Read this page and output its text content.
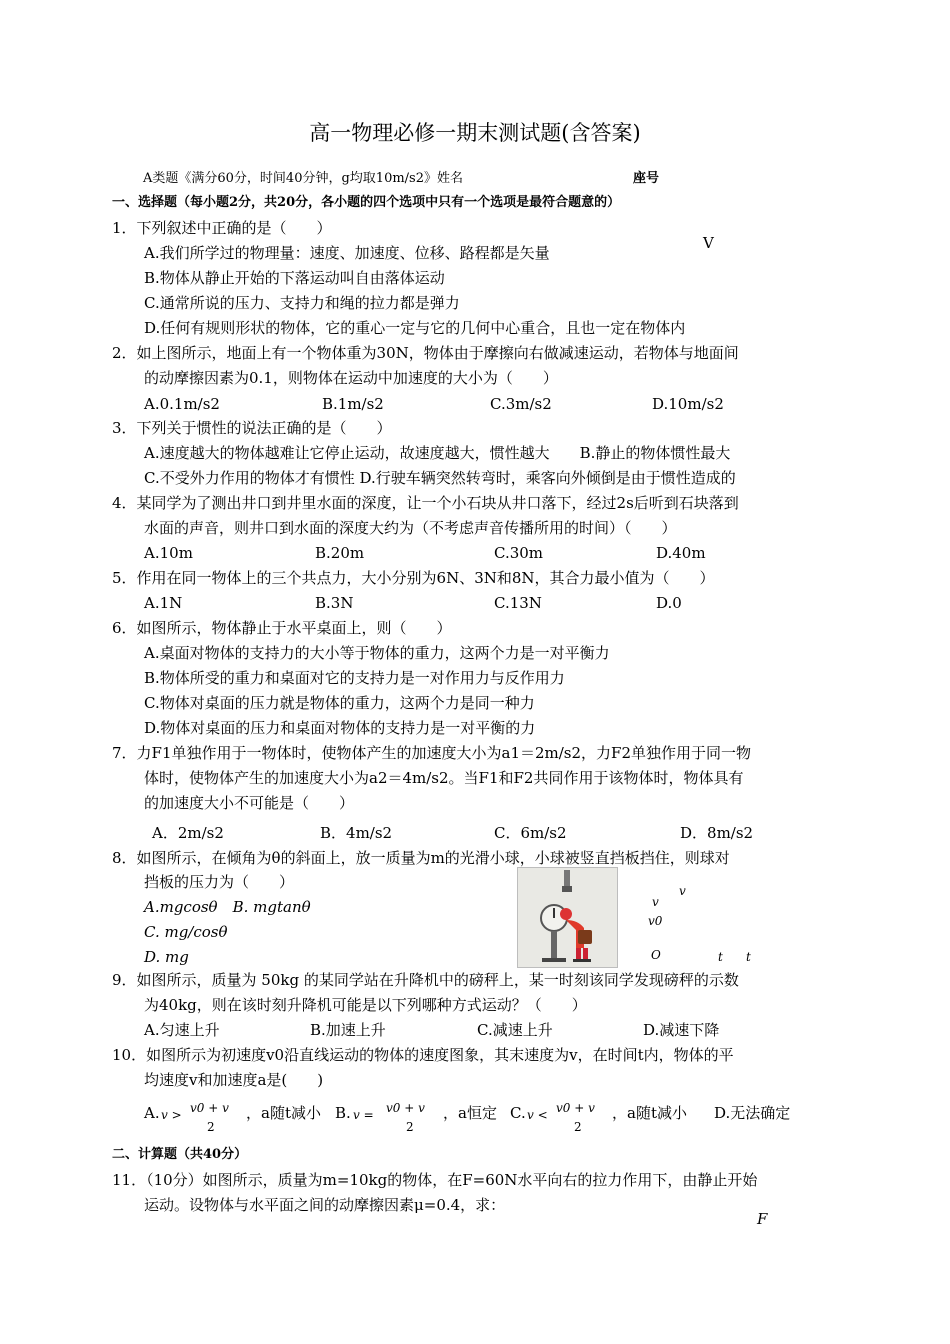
高一物理必修一期末测试题(含答案)
A类题《满分60分，时间40分钟，g均取10m/s2》姓名	座号
一、选择题（每小题2分，共20分，各小题的四个选项中只有一个选项是最符合题意的）
1．下列叙述中正确的是（　　）
A.我们所学过的物理量：速度、加速度、位移、路程都是矢量
V
B.物体从静止开始的下落运动叫自由落体运动
C.通常所说的压力、支持力和绳的拉力都是弹力
D.任何有规则形状的物体，它的重心一定与它的几何中心重合，且也一定在物体内
2．如上图所示，地面上有一个物体重为30N，物体由于摩擦向右做减速运动，若物体与地面间
的动摩擦因素为0.1，则物体在运动中加速度的大小为（　　）
A.0.1m/s2	B.1m/s2	C.3m/s2	D.10m/s2
3．下列关于惯性的说法正确的是（　　）
A.速度越大的物体越难让它停止运动，故速度越大，惯性越大　　B.静止的物体惯性最大
C.不受外力作用的物体才有惯性 D.行驶车辆突然转弯时，乘客向外倾倒是由于惯性造成的
4．某同学为了测出井口到井里水面的深度，让一个小石块从井口落下，经过2s后听到石块落到
水面的声音，则井口到水面的深度大约为（不考虑声音传播所用的时间）（　　）
A.10m	B.20m	C.30m	D.40m
5．作用在同一物体上的三个共点力，大小分别为6N、3N和8N，其合力最小值为（　　）
A.1N	B.3N	C.13N	D.0
6．如图所示，物体静止于水平桌面上，则（　　）
A.桌面对物体的支持力的大小等于物体的重力，这两个力是一对平衡力
B.物体所受的重力和桌面对它的支持力是一对作用力与反作用力
C.物体对桌面的压力就是物体的重力，这两个力是同一种力
D.物体对桌面的压力和桌面对物体的支持力是一对平衡的力
7．力F1单独作用于一物体时，使物体产生的加速度大小为a1＝2m/s2，力F2单独作用于同一物
体时，使物体产生的加速度大小为a2＝4m/s2。当F1和F2共同作用于该物体时，物体具有
的加速度大小不可能是（　　）
A．2m/s2	B．4m/s2	C．6m/s2	D．8m/s2
8．如图所示，在倾角为θ的斜面上，放一质量为m的光滑小球，小球被竖直挡板挡住，则球对
挡板的压力为（　　）
A.mgcosθ　B. mgtanθ
C. mg/cosθ
D. mg
v
v
v0
O	t t
9．如图所示，质量为 50kg 的某同学站在升降机中的磅秤上，某一时刻该同学发现磅秤的示数
为40kg，则在该时刻升降机可能是以下列哪种方式运动？（　　）
A.匀速上升	B.加速上升	C.减速上升	D.减速下降
10．如图所示为初速度v0沿直线运动的物体的速度图象，其末速度为v，在时间t内，物体的平
均速度v和加速度a是(　　)
A. v > v0 + v
2
，a随t减小 B. v = v0 + v
2
，a恒定 C. v < v0 + v
2
，a随t减小 D.无法确定
二、计算题（共40分）
11．（10分）如图所示，质量为m=10kg的物体，在F=60N水平向右的拉力作用下，由静止开始
运动。设物体与水平面之间的动摩擦因素μ=0.4，求：
F
